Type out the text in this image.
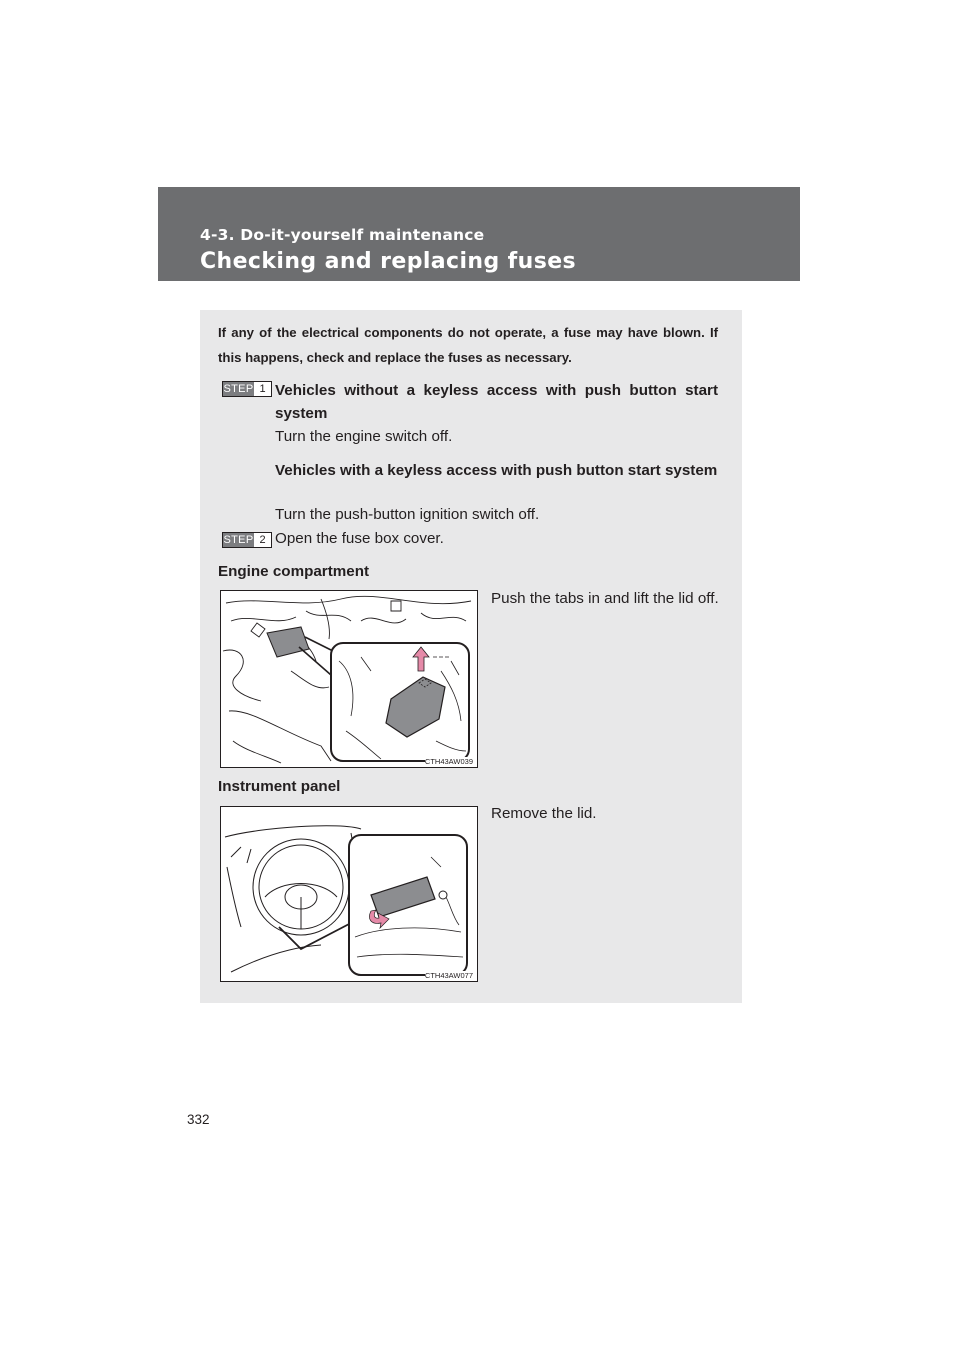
4-3. Do-it-yourself maintenance
Checking and replacing fuses
If any of the electrical components do not operate, a fuse may have blown. If this happens, check and replace the fuses as necessary.
STEP 1 Vehicles without a keyless access with push button start system
Turn the engine switch off.
Vehicles with a keyless access with push button start system
Turn the push-button ignition switch off.
STEP 2 Open the fuse box cover.
Engine compartment
Push the tabs in and lift the lid off.
CTH43AW039
Instrument panel
Remove the lid.
CTH43AW077
332
